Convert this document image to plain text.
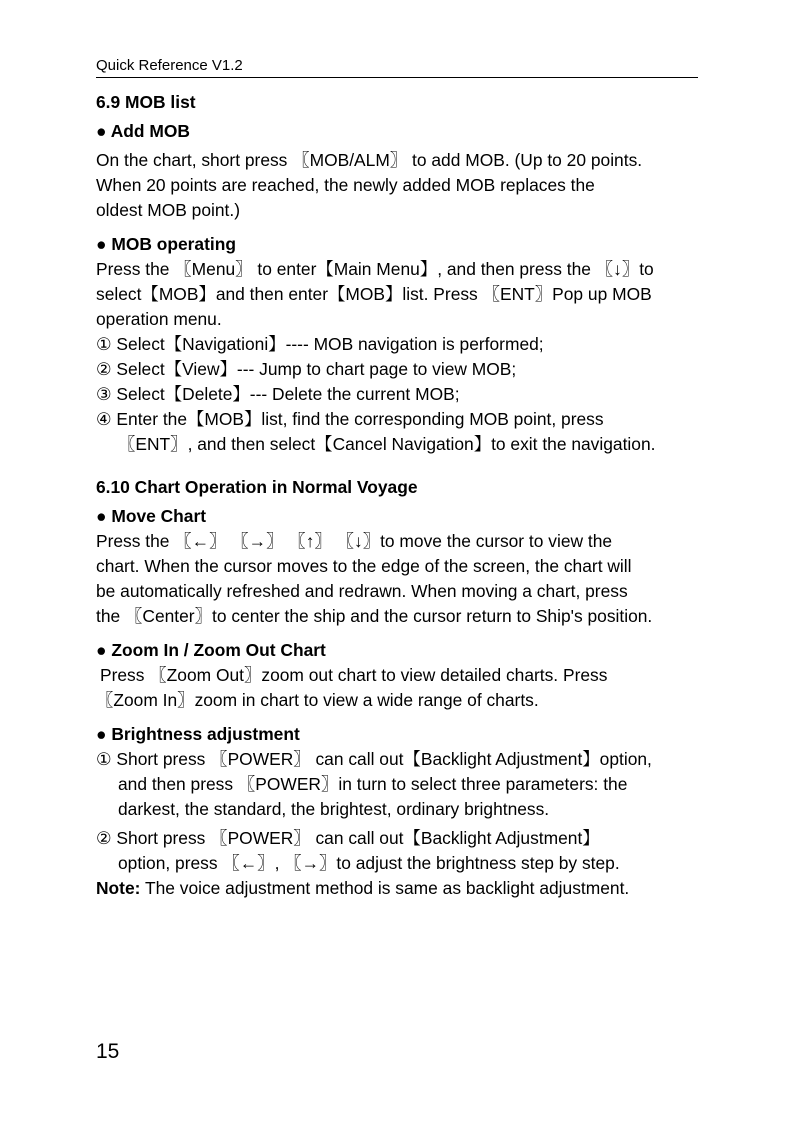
Quick Reference V1.2

6.9 MOB list

● Add MOB

On the chart, short press 〖MOB/ALM〗 to add MOB. (Up to 20 points.

When 20 points are reached, the newly added MOB replaces the

oldest MOB point.)

● MOB operating

Press the 〖Menu〗 to enter【Main Menu】, and then press the 〖↓〗to

select【MOB】and then enter【MOB】list. Press 〖ENT〗Pop up MOB

operation menu.

① Select【Navigationi】---- MOB navigation is performed;

② Select【View】--- Jump to chart page to view MOB;

③ Select【Delete】--- Delete the current MOB;

④ Enter the【MOB】list, find the corresponding MOB point, press

〖ENT〗, and then select【Cancel Navigation】to exit the navigation.

6.10 Chart Operation in Normal Voyage

● Move Chart

Press the 〖←〗 〖→〗 〖↑〗 〖↓〗to move the cursor to view the

chart. When the cursor moves to the edge of the screen, the chart will

be automatically refreshed and redrawn. When moving a chart, press

the 〖Center〗to center the ship and the cursor return to Ship's position.

● Zoom In / Zoom Out Chart

Press 〖Zoom Out〗zoom out chart to view detailed charts. Press

〖Zoom In〗zoom in chart to view a wide range of charts.

● Brightness adjustment

① Short press 〖POWER〗 can call out【Backlight Adjustment】option,

and then press 〖POWER〗in turn to select three parameters: the

darkest, the standard, the brightest, ordinary brightness.

② Short press 〖POWER〗 can call out【Backlight Adjustment】

option, press 〖←〗, 〖→〗to adjust the brightness step by step.

Note: The voice adjustment method is same as backlight adjustment.

15
